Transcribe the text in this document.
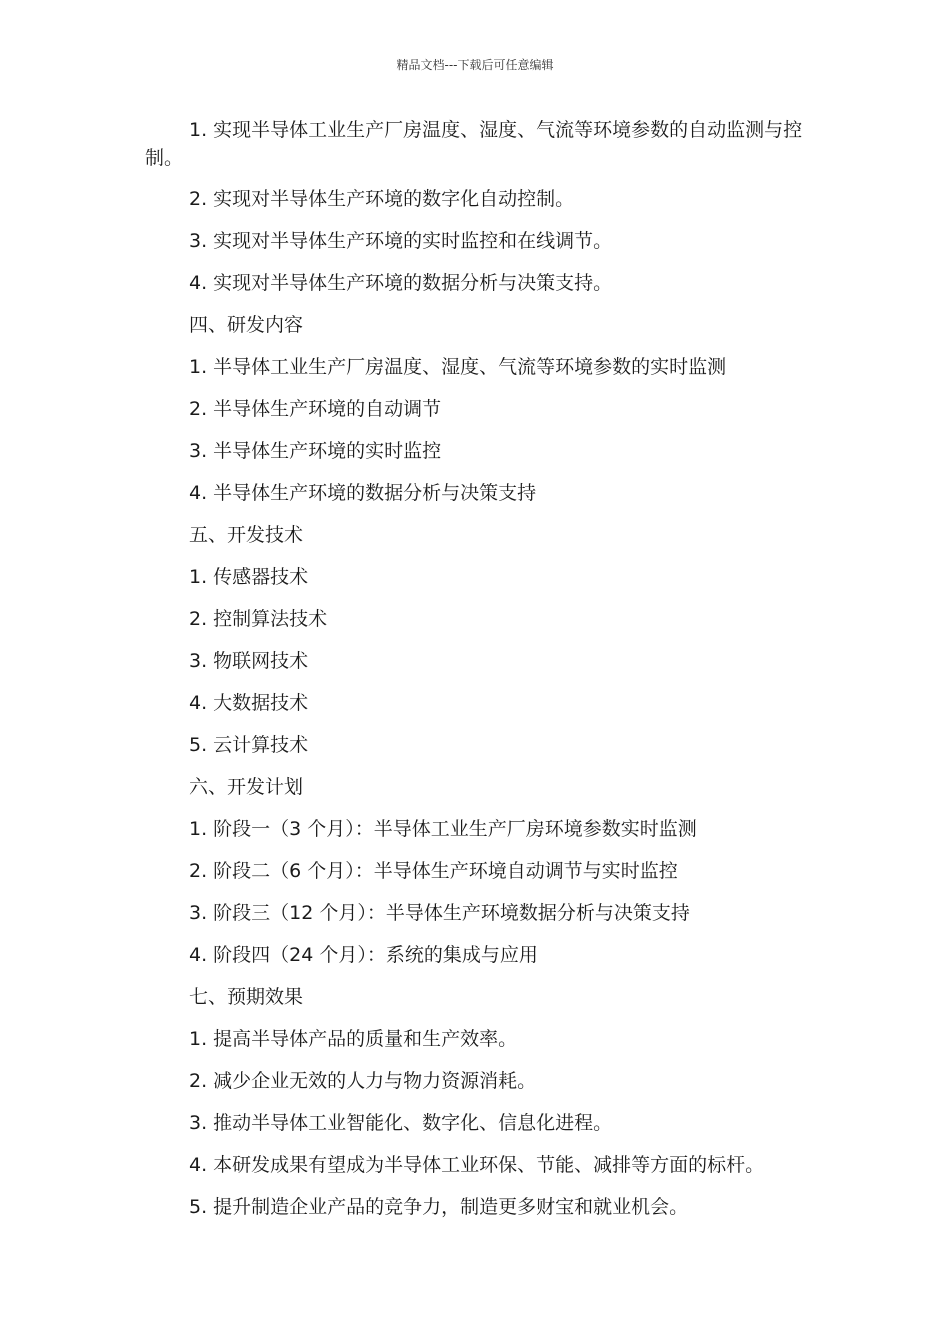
精品文档---下载后可任意编辑

1. 实现半导体工业生产厂房温度、湿度、气流等环境参数的自动监测与控制。

2. 实现对半导体生产环境的数字化自动控制。

3. 实现对半导体生产环境的实时监控和在线调节。

4. 实现对半导体生产环境的数据分析与决策支持。

四、研发内容

1. 半导体工业生产厂房温度、湿度、气流等环境参数的实时监测

2. 半导体生产环境的自动调节

3. 半导体生产环境的实时监控

4. 半导体生产环境的数据分析与决策支持

五、开发技术

1. 传感器技术

2. 控制算法技术

3. 物联网技术

4. 大数据技术

5. 云计算技术

六、开发计划

1. 阶段一（3 个月）：半导体工业生产厂房环境参数实时监测

2. 阶段二（6 个月）：半导体生产环境自动调节与实时监控

3. 阶段三（12 个月）：半导体生产环境数据分析与决策支持

4. 阶段四（24 个月）：系统的集成与应用

七、预期效果

1. 提高半导体产品的质量和生产效率。

2. 减少企业无效的人力与物力资源消耗。

3. 推动半导体工业智能化、数字化、信息化进程。

4. 本研发成果有望成为半导体工业环保、节能、减排等方面的标杆。

5. 提升制造企业产品的竞争力，制造更多财宝和就业机会。
